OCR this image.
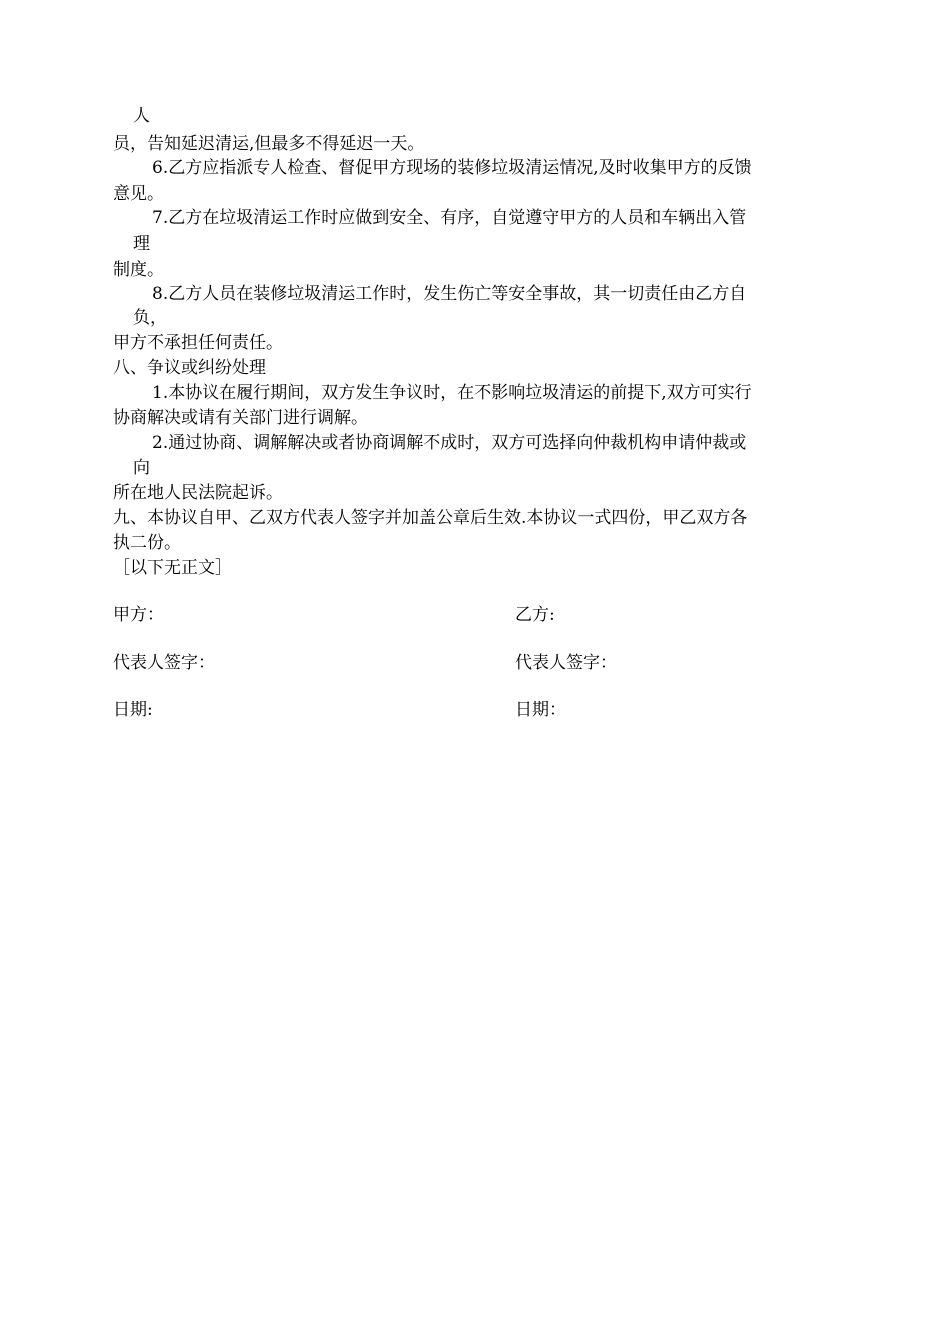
人
员，告知延迟清运,但最多不得延迟一天。
6.乙方应指派专人检查、督促甲方现场的装修垃圾清运情况,及时收集甲方的反馈
意见。
7.乙方在垃圾清运工作时应做到安全、有序，自觉遵守甲方的人员和车辆出入管
理
制度。
8.乙方人员在装修垃圾清运工作时，发生伤亡等安全事故，其一切责任由乙方自
负，
甲方不承担任何责任。
八、争议或纠纷处理
1.本协议在履行期间，双方发生争议时，在不影响垃圾清运的前提下,双方可实行
协商解决或请有关部门进行调解。
2.通过协商、调解解决或者协商调解不成时，双方可选择向仲裁机构申请仲裁或
向
所在地人民法院起诉。
九、本协议自甲、乙双方代表人签字并加盖公章后生效.本协议一式四份，甲乙双方各
执二份。
［以下无正文］
甲方：	乙方:
代表人签字：	代表人签字：
日期:	日期：
